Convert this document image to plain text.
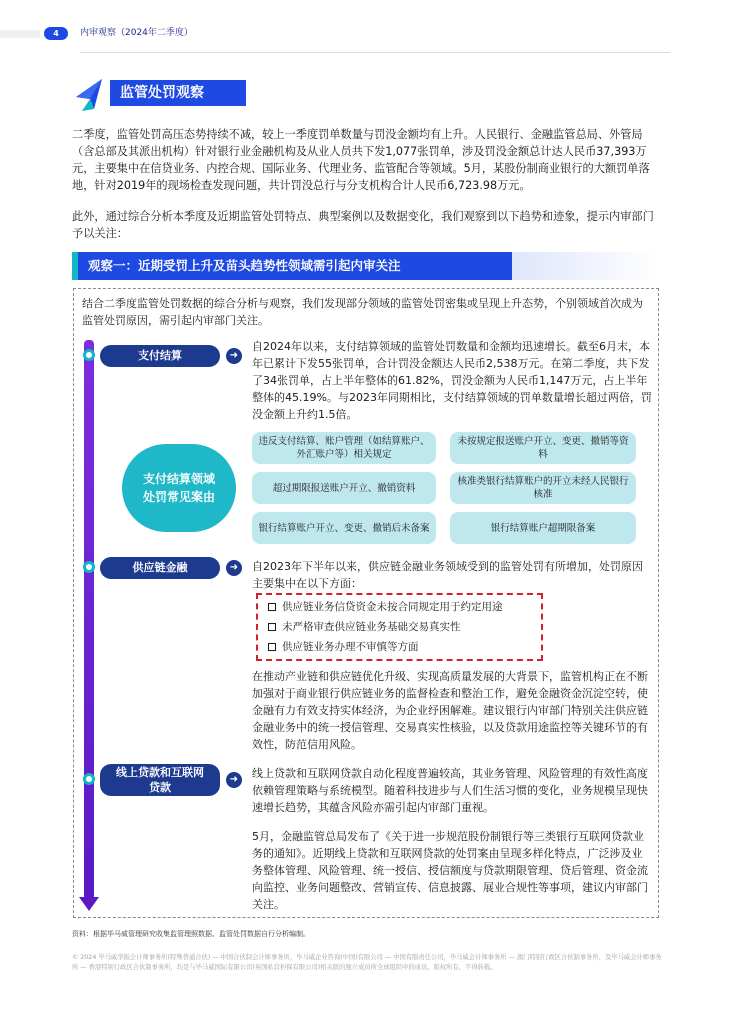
4	内审观察（2024年二季度）
监管处罚观察
二季度，监管处罚高压态势持续不减，较上一季度罚单数量与罚没金额均有上升。人民银行、金融监管总局、外管局（含总部及其派出机构）针对银行业金融机构及从业人员共下发1,077张罚单，涉及罚没金额总计达人民币37,393万元，主要集中在信贷业务、内控合规、国际业务、代理业务、监管配合等领域。5月，某股份制商业银行的大额罚单落地，针对2019年的现场检查发现问题，共计罚没总行与分支机构合计人民币6,723.98万元。
此外，通过综合分析本季度及近期监管处罚特点、典型案例以及数据变化，我们观察到以下趋势和迹象，提示内审部门予以关注：
观察一：近期受罚上升及苗头趋势性领域需引起内审关注
结合二季度监管处罚数据的综合分析与观察，我们发现部分领域的监管处罚密集或呈现上升态势，个别领域首次成为监管处罚原因，需引起内审部门关注。
支付结算	➜
自2024年以来，支付结算领域的监管处罚数量和金额均迅速增长。截至6月末，本年已累计下发55张罚单，合计罚没金额达人民币2,538万元。在第二季度，共下发了34张罚单，占上半年整体的61.82%，罚没金额为人民币1,147万元，占上半年整体的45.19%。与2023年同期相比，支付结算领域的罚单数量增长超过两倍，罚没金额上升约1.5倍。
支付结算领域处罚常见案由
违反支付结算、账户管理（如结算账户、外汇账户等）相关规定
未按规定报送账户开立、变更、撤销等资料
超过期限报送账户开立、撤销资料
核准类银行结算账户的开立未经人民银行核准
银行结算账户开立、变更、撤销后未备案	银行结算账户超期限备案
供应链金融	➜	自2023年下半年以来，供应链金融业务领域受到的监管处罚有所增加，处罚原因主要集中在以下方面：
供应链业务信贷资金未按合同规定用于约定用途
未严格审查供应链业务基础交易真实性
供应链业务办理不审慎等方面
在推动产业链和供应链优化升级、实现高质量发展的大背景下，监管机构正在不断加强对于商业银行供应链业务的监督检查和整治工作，避免金融资金沉淀空转，使金融有力有效支持实体经济，为企业纾困解难。建议银行内审部门特别关注供应链金融业务中的统一授信管理、交易真实性核验，以及贷款用途监控等关键环节的有效性，防范信用风险。
线上贷款和互联网贷款
➜	线上贷款和互联网贷款自动化程度普遍较高，其业务管理、风险管理的有效性高度依赖管理策略与系统模型。随着科技进步与人们生活习惯的变化，业务规模呈现快速增长趋势，其蕴含风险亦需引起内审部门重视。
5月，金融监管总局发布了《关于进一步规范股份制银行等三类银行互联网贷款业务的通知》。近期线上贷款和互联网贷款的处罚案由呈现多样化特点，广泛涉及业务整体管理、风险管理、统一授信、授信额度与贷款期限管理、贷后管理、资金流向监控、业务问题整改、营销宣传、信息披露、展业合规性等事项，建议内审部门关注。
资料：根据毕马威管理研究收集监管理照数据、监管处罚数据自行分析编制。
© 2024 毕马威华振会计师事务所(特殊普通合伙) — 中国合伙制会计师事务所，毕马威企业咨询(中国)有限公司 — 中国有限责任公司，毕马威会计师事务所 — 澳门特别行政区合伙制事务所，及毕马威会计师事务所 — 香港特别行政区合伙制事务所，均是与毕马威国际有限公司(英国私营担保有限公司)相关联的独立成员所全球组织中的成员。版权所有，不得转载。
